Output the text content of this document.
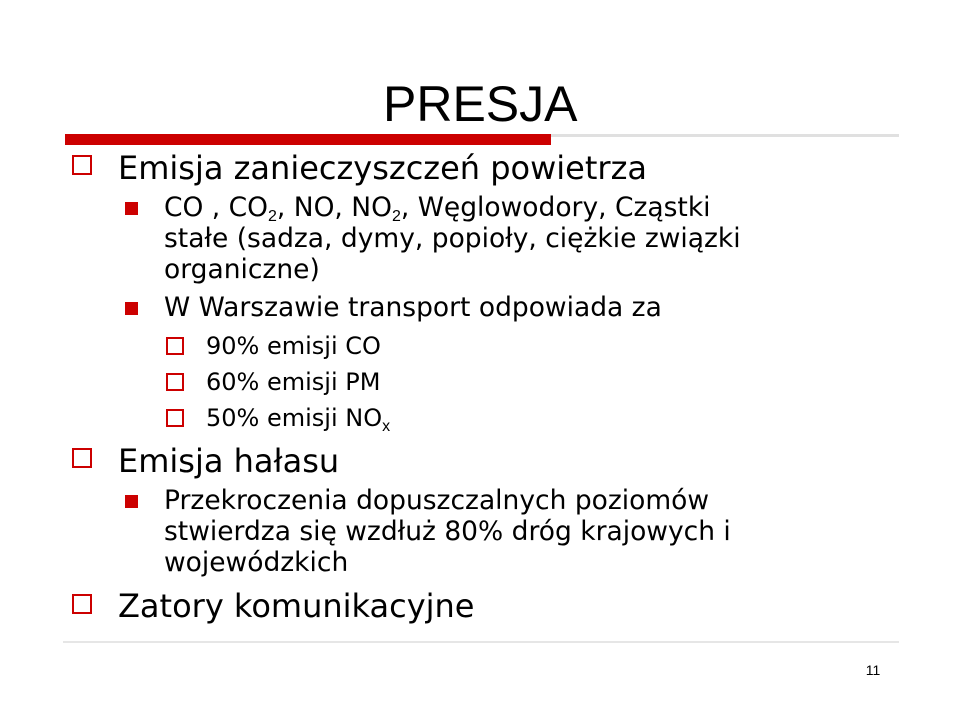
PRESJA
Emisja zanieczyszczeń powietrza
CO , $CO_2$, NO, $NO_2$, Węglowodory, Cząstki
stałe (sadza, dymy, popioły, ciężkie związki
organiczne)
W Warszawie transport odpowiada za
90% emisji CO
60% emisji PM
50% emisji $NO_x$
Emisja hałasu
Przekroczenia dopuszczalnych poziomów
stwierdza się wzdłuż 80% dróg krajowych i
wojewódzkich
Zatory komunikacyjne
11
